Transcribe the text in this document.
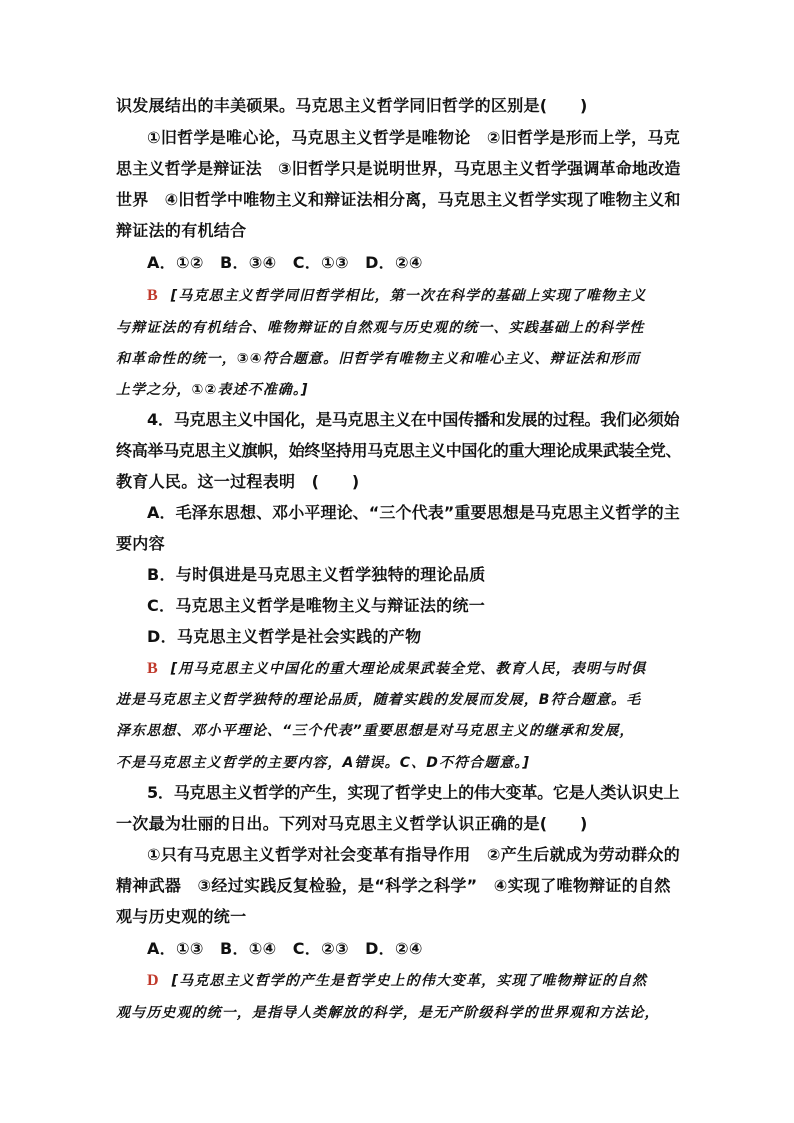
识发展结出的丰美硕果。马克思主义哲学同旧哲学的区别是(　　)
①旧哲学是唯心论，马克思主义哲学是唯物论　②旧哲学是形而上学，马克
思主义哲学是辩证法　③旧哲学只是说明世界，马克思主义哲学强调革命地改造
世界　④旧哲学中唯物主义和辩证法相分离，马克思主义哲学实现了唯物主义和
辩证法的有机结合
A．①②　B．③④　C．①③　D．②④
B [马克思主义哲学同旧哲学相比，第一次在科学的基础上实现了唯物主义
与辩证法的有机结合、唯物辩证的自然观与历史观的统一、实践基础上的科学性
和革命性的统一，③④符合题意。旧哲学有唯物主义和唯心主义、辩证法和形而
上学之分，①②表述不准确。]
4．马克思主义中国化，是马克思主义在中国传播和发展的过程。我们必须始
终高举马克思主义旗帜，始终坚持用马克思主义中国化的重大理论成果武装全党、
教育人民。这一过程表明　(　　)
A．毛泽东思想、邓小平理论、“三个代表”重要思想是马克思主义哲学的主
要内容
B．与时俱进是马克思主义哲学独特的理论品质
C．马克思主义哲学是唯物主义与辩证法的统一
D．马克思主义哲学是社会实践的产物
B [用马克思主义中国化的重大理论成果武装全党、教育人民，表明与时俱
进是马克思主义哲学独特的理论品质，随着实践的发展而发展，B符合题意。毛
泽东思想、邓小平理论、“三个代表”重要思想是对马克思主义的继承和发展，
不是马克思主义哲学的主要内容，A错误。C、D不符合题意。]
5．马克思主义哲学的产生，实现了哲学史上的伟大变革。它是人类认识史上
一次最为壮丽的日出。下列对马克思主义哲学认识正确的是(　　)
①只有马克思主义哲学对社会变革有指导作用　②产生后就成为劳动群众的
精神武器　③经过实践反复检验，是“科学之科学”　④实现了唯物辩证的自然
观与历史观的统一
A．①③　B．①④　C．②③　D．②④
D [马克思主义哲学的产生是哲学史上的伟大变革，实现了唯物辩证的自然
观与历史观的统一，是指导人类解放的科学，是无产阶级科学的世界观和方法论，
